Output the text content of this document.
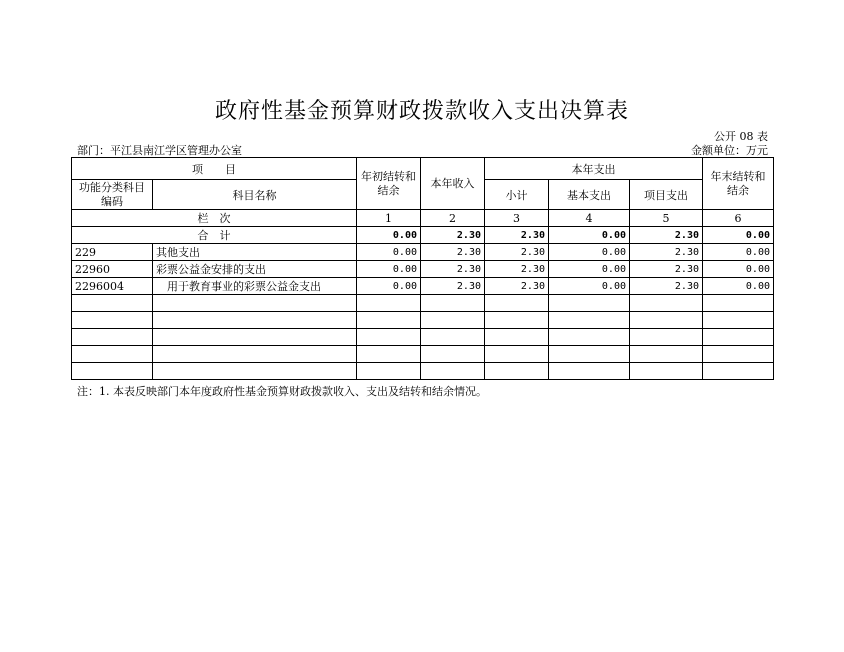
政府性基金预算财政拨款收入支出决算表
公开 08 表
部门：平江县南江学区管理办公室	金额单位：万元
项　　目		年初结转和结余	本年收入	本年支出			年末结转和结余
功能分类科目编码	科目名称			小计	基本支出	项目支出	
栏　次		1	2	3	4	5	6
合　计		0.00	2.30	2.30	0.00	2.30	0.00
229	其他支出	0.00	2.30	2.30	0.00	2.30	0.00
22960	彩票公益金安排的支出	0.00	2.30	2.30	0.00	2.30	0.00
2296004	用于教育事业的彩票公益金支出	0.00	2.30	2.30	0.00	2.30	0.00

注：1. 本表反映部门本年度政府性基金预算财政拨款收入、支出及结转和结余情况。
